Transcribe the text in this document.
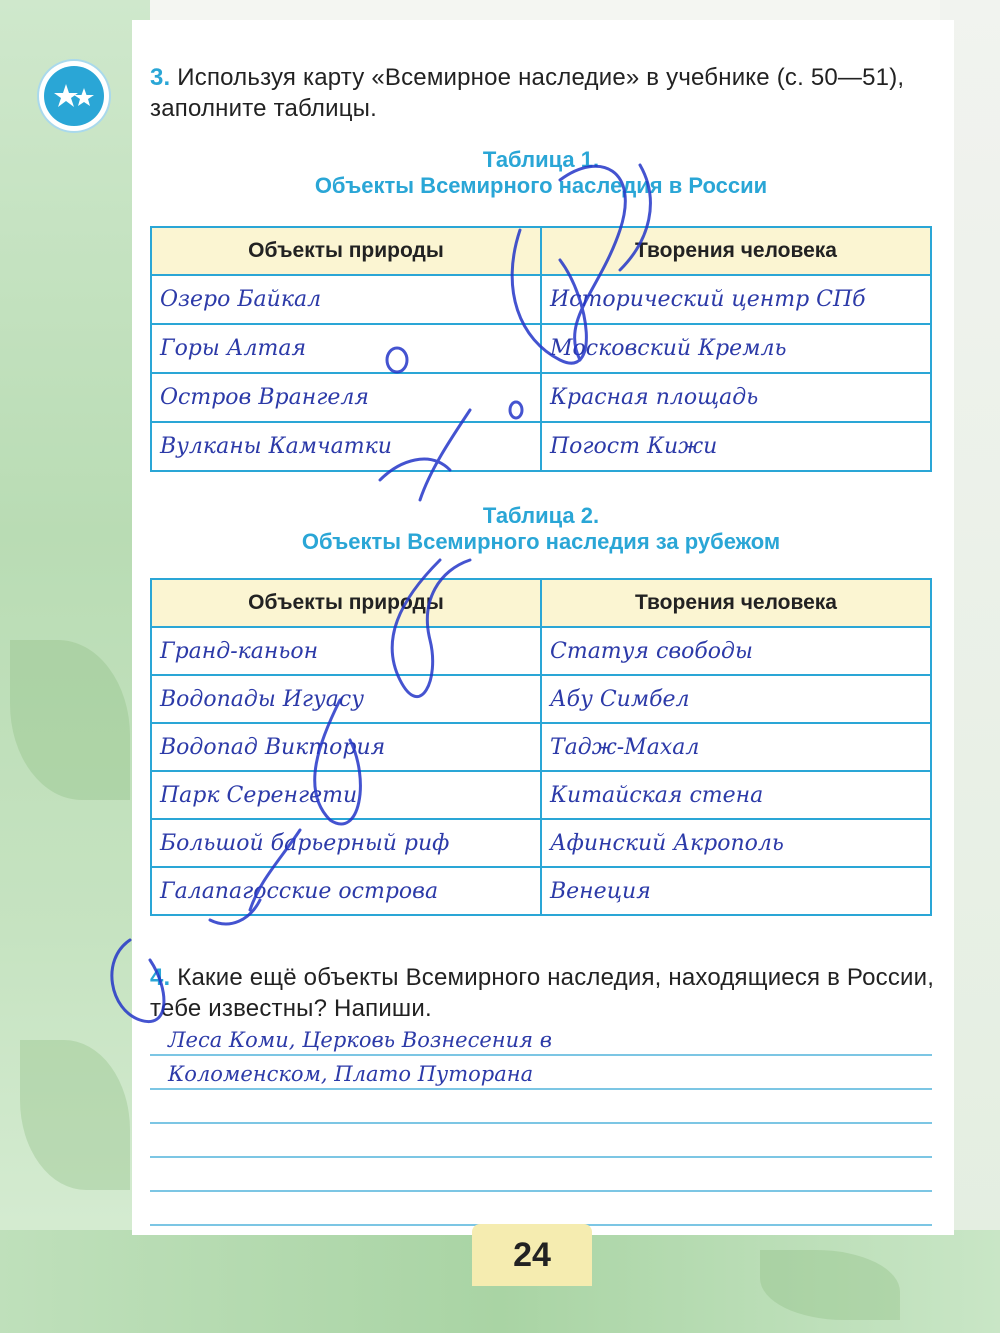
3. Используя карту «Всемирное наследие» в учебнике (с. 50—51), заполните таблицы.
Таблица 1.
Объекты Всемирного наследия в России
Объекты природы	Творения человека
Озеро Байкал	Исторический центр СПб
Горы Алтая	Московский Кремль
Остров Врангеля	Красная площадь
Вулканы Камчатки	Погост Кижи
Таблица 2.
Объекты Всемирного наследия за рубежом
Объекты природы	Творения человека
Гранд-каньон	Статуя свободы
Водопады Игуасу	Абу Симбел
Водопад Виктория	Тадж-Махал
Парк Серенгети	Китайская стена
Большой барьерный риф	Афинский Акрополь
Галапагосские острова	Венеция
4. Какие ещё объекты Всемирного наследия, находящиеся в России, тебе известны? Напиши.
Леса Коми, Церковь Вознесения в
Коломенском, Плато Путорана
24
